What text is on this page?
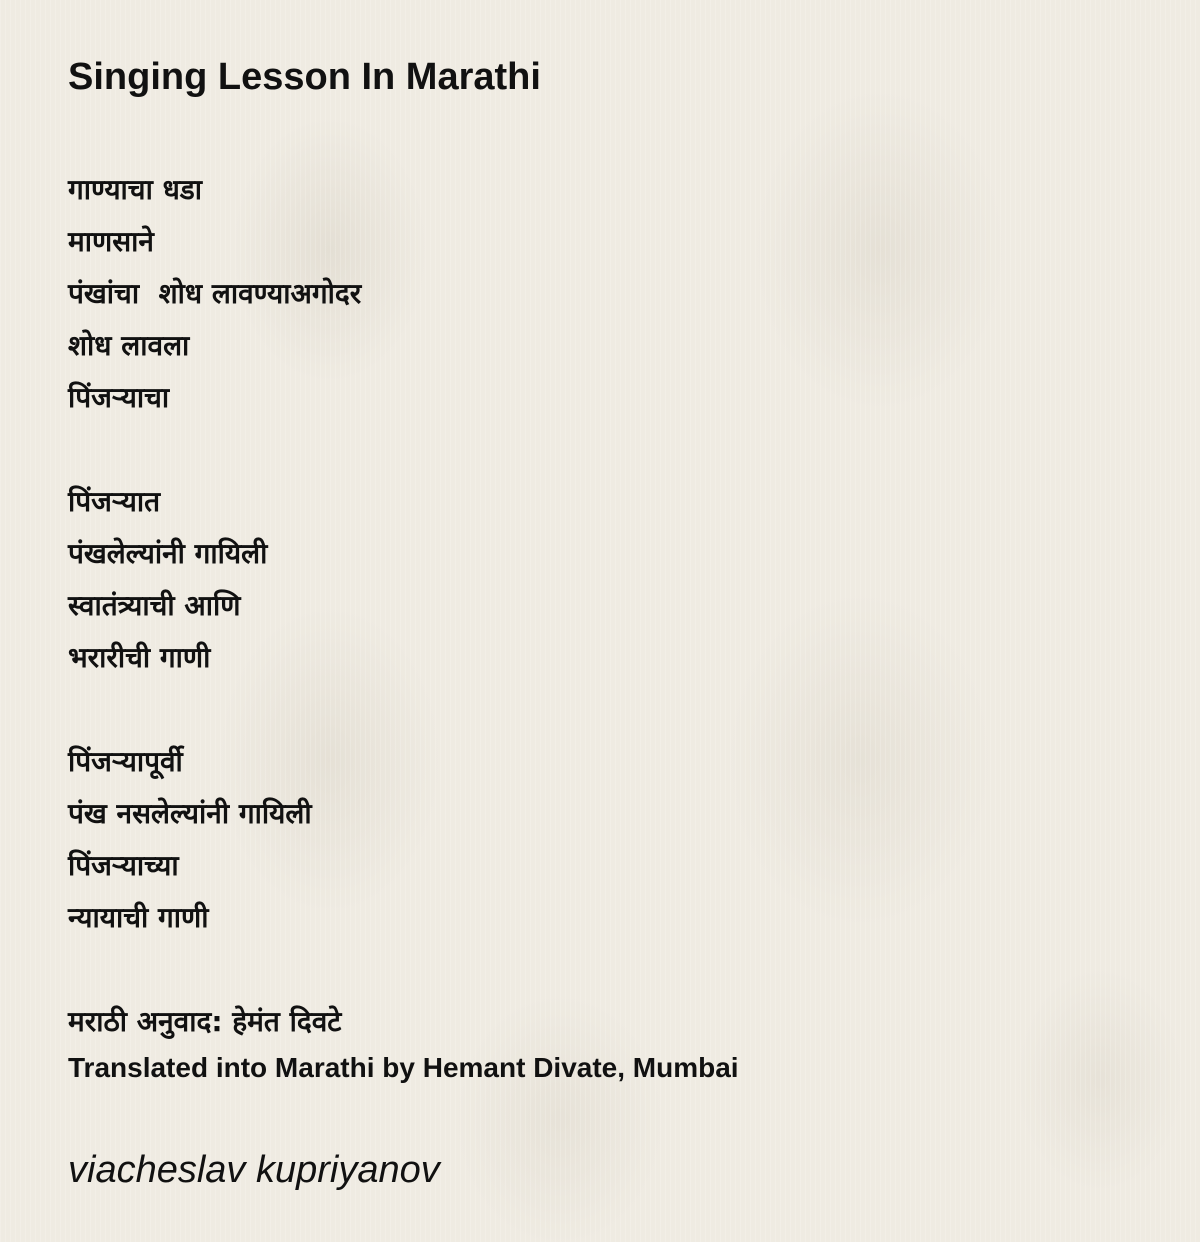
Singing Lesson In Marathi
गाण्याचा धडा
माणसाने
पंखांचा  शोध लावण्याअगोदर
शोध लावला
पिंजऱ्याचा
पिंजऱ्यात
पंखलेल्यांनी गायिली
स्वातंत्र्याची आणि
भरारीची गाणी
पिंजऱ्यापूर्वी
पंख नसलेल्यांनी गायिली
पिंजऱ्याच्या
न्यायाची गाणी
मराठी अनुवाद: हेमंत दिवटे
Translated into Marathi by Hemant Divate, Mumbai
viacheslav kupriyanov
